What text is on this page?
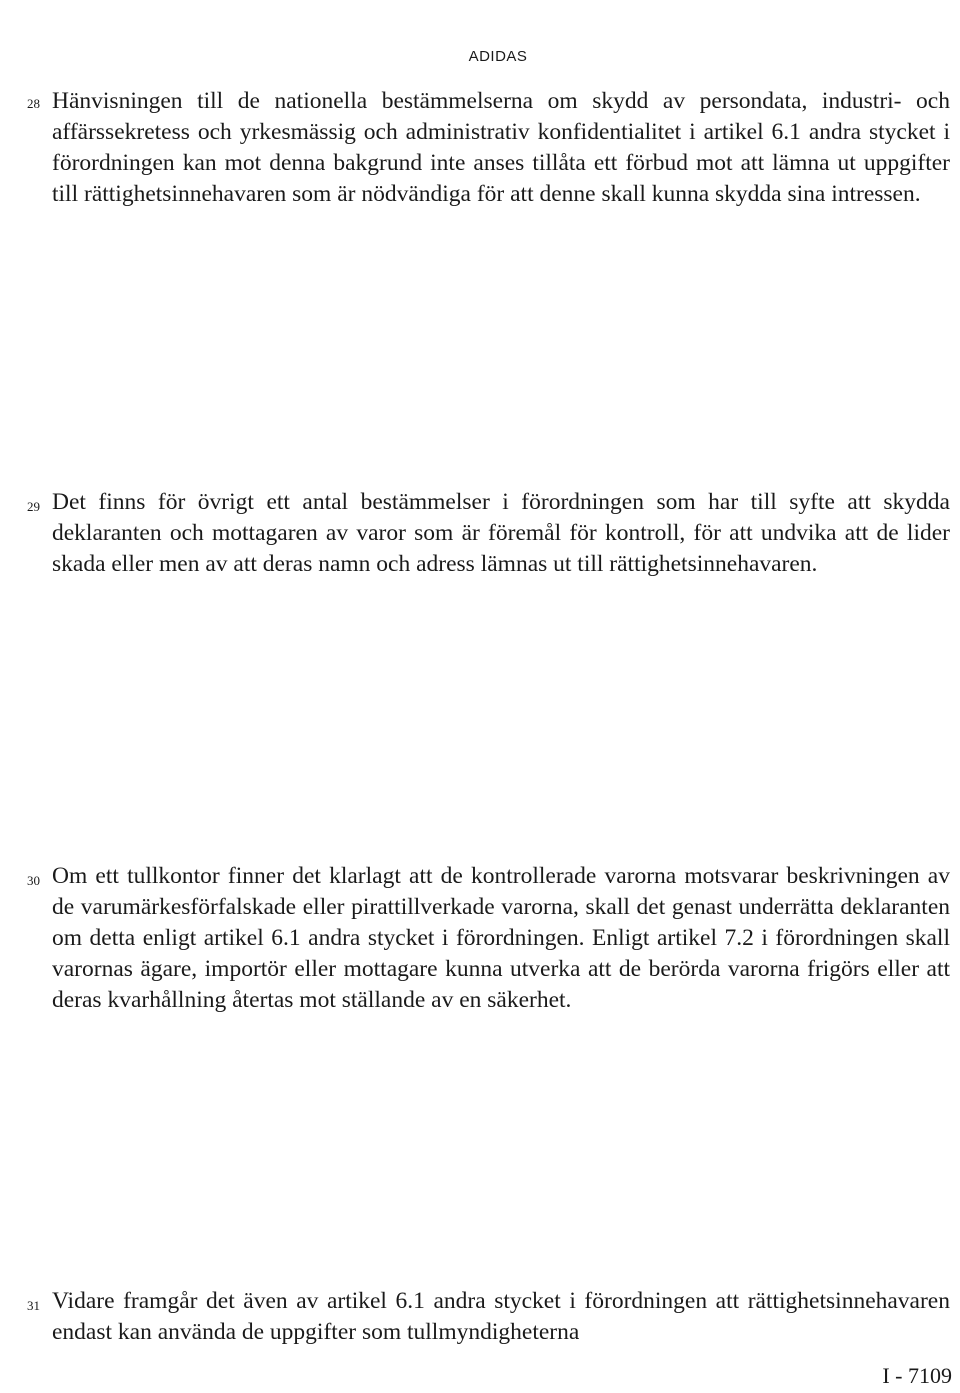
ADIDAS
28 Hänvisningen till de nationella bestämmelserna om skydd av persondata, industri- och affärssekretess och yrkesmässig och administrativ konfidentialitet i artikel 6.1 andra stycket i förordningen kan mot denna bakgrund inte anses tillåta ett förbud mot att lämna ut uppgifter till rättighetsinnehavaren som är nödvändiga för att denne skall kunna skydda sina intressen.

29 Det finns för övrigt ett antal bestämmelser i förordningen som har till syfte att skydda deklaranten och mottagaren av varor som är föremål för kontroll, för att undvika att de lider skada eller men av att deras namn och adress lämnas ut till rättighetsinnehavaren.

30 Om ett tullkontor finner det klarlagt att de kontrollerade varorna motsvarar beskrivningen av de varumärkesförfalskade eller pirattillverkade varorna, skall det genast underrätta deklaranten om detta enligt artikel 6.1 andra stycket i förordningen. Enligt artikel 7.2 i förordningen skall varornas ägare, importör eller mottagare kunna utverka att de berörda varorna frigörs eller att deras kvarhållning återtas mot ställande av en säkerhet.

31 Vidare framgår det även av artikel 6.1 andra stycket i förordningen att rättighetsinnehavaren endast kan använda de uppgifter som tullmyndigheterna

I - 7109
